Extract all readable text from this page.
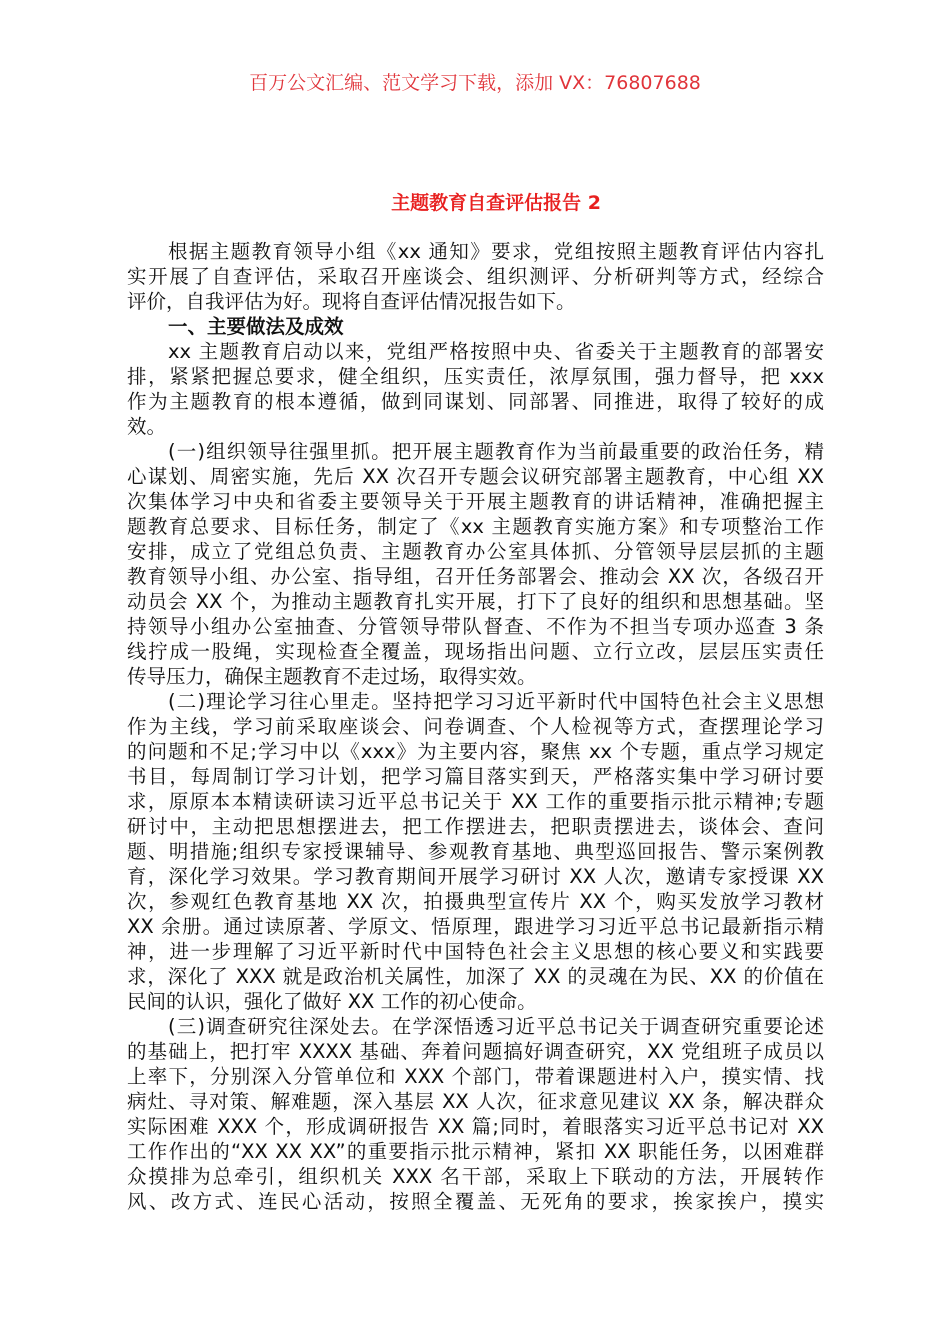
百万公文汇编、范文学习下载，添加 VX：76807688
主题教育自查评估报告 2
根据主题教育领导小组《xx 通知》要求，党组按照主题教育评估内容扎
实开展了自查评估，采取召开座谈会、组织测评、分析研判等方式，经综合
评价，自我评估为好。现将自查评估情况报告如下。
一、主要做法及成效
xx 主题教育启动以来，党组严格按照中央、省委关于主题教育的部署安
排，紧紧把握总要求，健全组织，压实责任，浓厚氛围，强力督导，把 xxx
作为主题教育的根本遵循，做到同谋划、同部署、同推进，取得了较好的成
效。
(一)组织领导往强里抓。把开展主题教育作为当前最重要的政治任务，精
心谋划、周密实施，先后 XX 次召开专题会议研究部署主题教育，中心组 XX
次集体学习中央和省委主要领导关于开展主题教育的讲话精神，准确把握主
题教育总要求、目标任务，制定了《xx 主题教育实施方案》和专项整治工作
安排，成立了党组总负责、主题教育办公室具体抓、分管领导层层抓的主题
教育领导小组、办公室、指导组，召开任务部署会、推动会 XX 次，各级召开
动员会 XX 个，为推动主题教育扎实开展，打下了良好的组织和思想基础。坚
持领导小组办公室抽查、分管领导带队督查、不作为不担当专项办巡查 3 条
线拧成一股绳，实现检查全覆盖，现场指出问题、立行立改，层层压实责任
传导压力，确保主题教育不走过场，取得实效。
(二)理论学习往心里走。坚持把学习习近平新时代中国特色社会主义思想
作为主线，学习前采取座谈会、问卷调查、个人检视等方式，查摆理论学习
的问题和不足;学习中以《xxx》为主要内容，聚焦 xx 个专题，重点学习规定
书目，每周制订学习计划，把学习篇目落实到天，严格落实集中学习研讨要
求，原原本本精读研读习近平总书记关于 XX 工作的重要指示批示精神;专题
研讨中，主动把思想摆进去，把工作摆进去，把职责摆进去，谈体会、查问
题、明措施;组织专家授课辅导、参观教育基地、典型巡回报告、警示案例教
育，深化学习效果。学习教育期间开展学习研讨 XX 人次，邀请专家授课 XX
次，参观红色教育基地 XX 次，拍摄典型宣传片 XX 个，购买发放学习教材
XX 余册。通过读原著、学原文、悟原理，跟进学习习近平总书记最新指示精
神，进一步理解了习近平新时代中国特色社会主义思想的核心要义和实践要
求，深化了 XXX 就是政治机关属性，加深了 XX 的灵魂在为民、XX 的价值在
民间的认识，强化了做好 XX 工作的初心使命。
(三)调查研究往深处去。在学深悟透习近平总书记关于调查研究重要论述
的基础上，把打牢 XXXX 基础、奔着问题搞好调查研究，XX 党组班子成员以
上率下，分别深入分管单位和 XXX 个部门，带着课题进村入户，摸实情、找
病灶、寻对策、解难题，深入基层 XX 人次，征求意见建议 XX 条，解决群众
实际困难 XXX 个，形成调研报告 XX 篇;同时，着眼落实习近平总书记对 XX
工作作出的“XX XX XX”的重要指示批示精神，紧扣 XX 职能任务，以困难群
众摸排为总牵引，组织机关 XXX 名干部，采取上下联动的方法，开展转作
风、改方式、连民心活动，按照全覆盖、无死角的要求，挨家挨户，摸实
